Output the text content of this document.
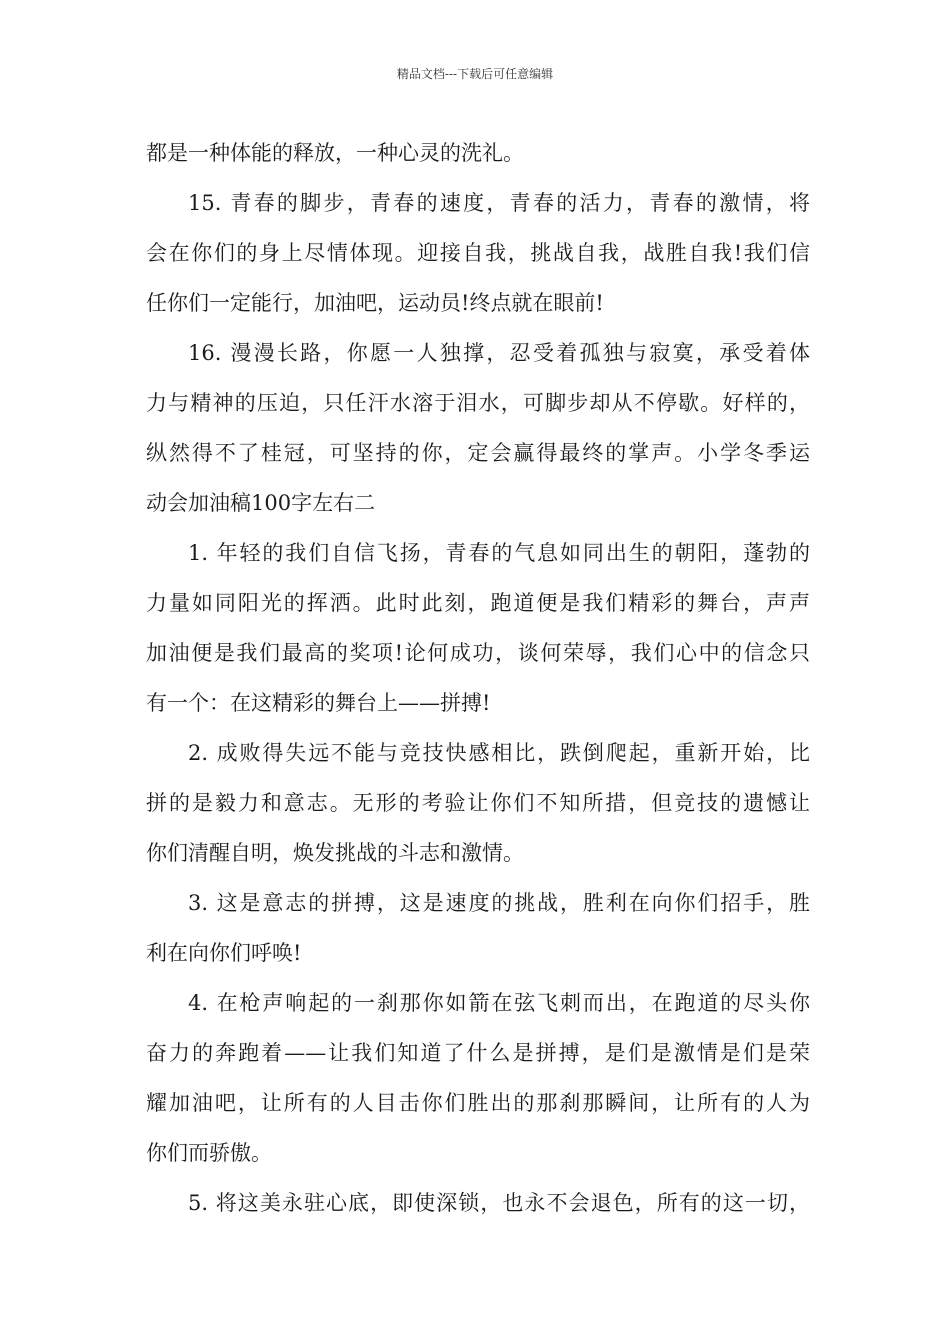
精品文档---下载后可任意编辑
都是一种体能的释放，一种心灵的洗礼。
15. 青春的脚步，青春的速度，青春的活力，青春的激情，将
会在你们的身上尽情体现。迎接自我，挑战自我，战胜自我!我们信
任你们一定能行，加油吧，运动员!终点就在眼前!
16. 漫漫长路，你愿一人独撑，忍受着孤独与寂寞，承受着体
力与精神的压迫，只任汗水溶于泪水，可脚步却从不停歇。好样的，
纵然得不了桂冠，可坚持的你，定会赢得最终的掌声。小学冬季运
动会加油稿100字左右二
1. 年轻的我们自信飞扬，青春的气息如同出生的朝阳，蓬勃的
力量如同阳光的挥洒。此时此刻，跑道便是我们精彩的舞台，声声
加油便是我们最高的奖项!论何成功，谈何荣辱，我们心中的信念只
有一个：在这精彩的舞台上——拼搏!
2. 成败得失远不能与竞技快感相比，跌倒爬起，重新开始，比
拼的是毅力和意志。无形的考验让你们不知所措，但竞技的遗憾让
你们清醒自明，焕发挑战的斗志和激情。
3. 这是意志的拼搏，这是速度的挑战，胜利在向你们招手，胜
利在向你们呼唤!
4. 在枪声响起的一刹那你如箭在弦飞刺而出，在跑道的尽头你
奋力的奔跑着——让我们知道了什么是拼搏，是们是激情是们是荣
耀加油吧，让所有的人目击你们胜出的那刹那瞬间，让所有的人为
你们而骄傲。
5. 将这美永驻心底，即使深锁，也永不会退色，所有的这一切，
